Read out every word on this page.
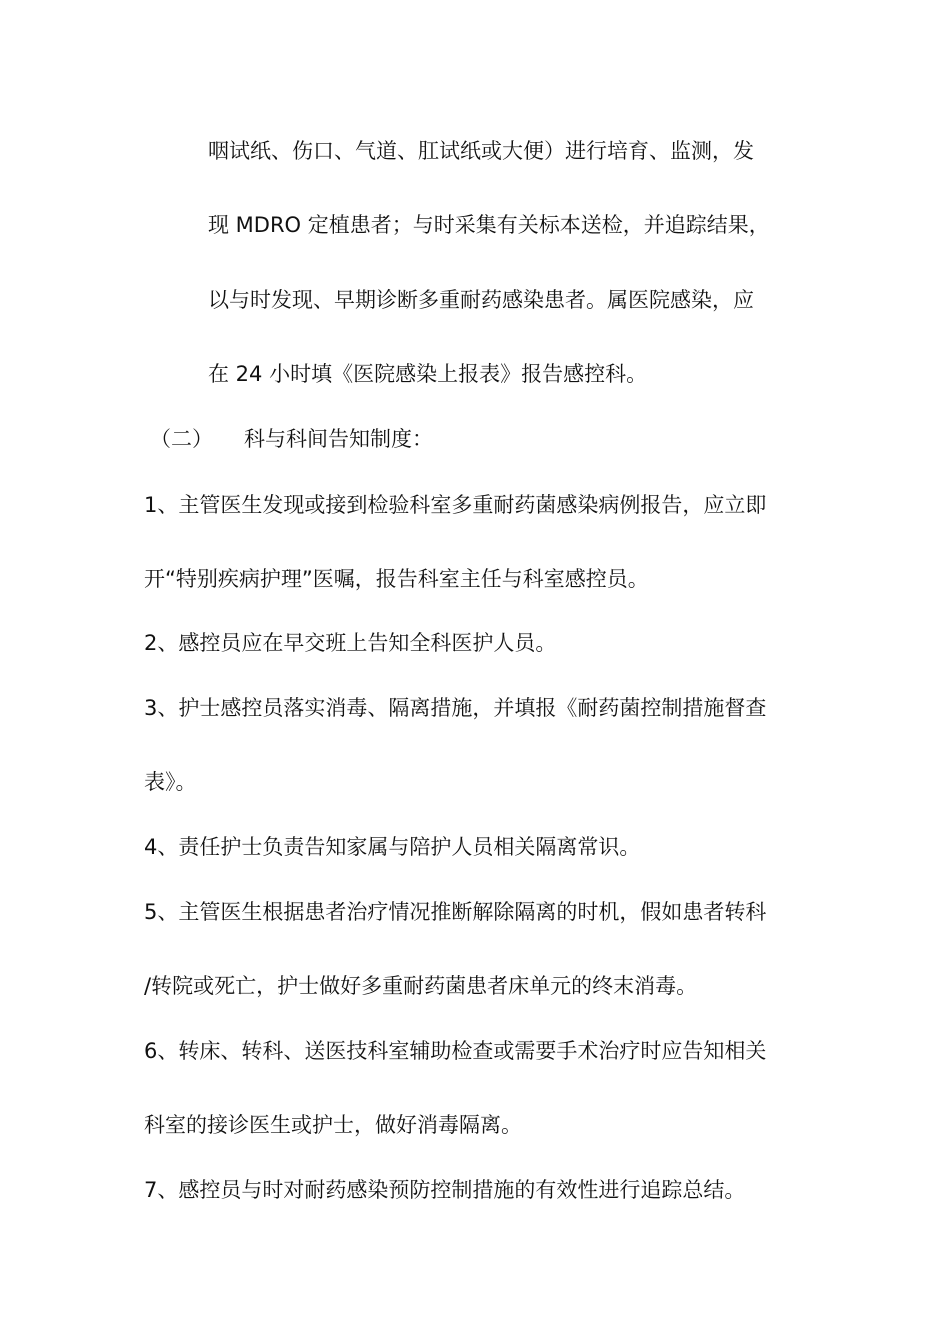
咽试纸、伤口、气道、肛试纸或大便）进行培育、监测，发
现 MDRO 定植患者；与时采集有关标本送检，并追踪结果，
以与时发现、早期诊断多重耐药感染患者。属医院感染，应
在 24 小时填《医院感染上报表》报告感控科。
（二） 科与科间告知制度：
1、主管医生发现或接到检验科室多重耐药菌感染病例报告，应立即
开“特别疾病护理”医嘱，报告科室主任与科室感控员。
2、感控员应在早交班上告知全科医护人员。
3、护士感控员落实消毒、隔离措施，并填报《耐药菌控制措施督查
表》。
4、责任护士负责告知家属与陪护人员相关隔离常识。
5、主管医生根据患者治疗情况推断解除隔离的时机，假如患者转科
/转院或死亡，护士做好多重耐药菌患者床单元的终末消毒。
6、转床、转科、送医技科室辅助检查或需要手术治疗时应告知相关
科室的接诊医生或护士，做好消毒隔离。
7、感控员与时对耐药感染预防控制措施的有效性进行追踪总结。
